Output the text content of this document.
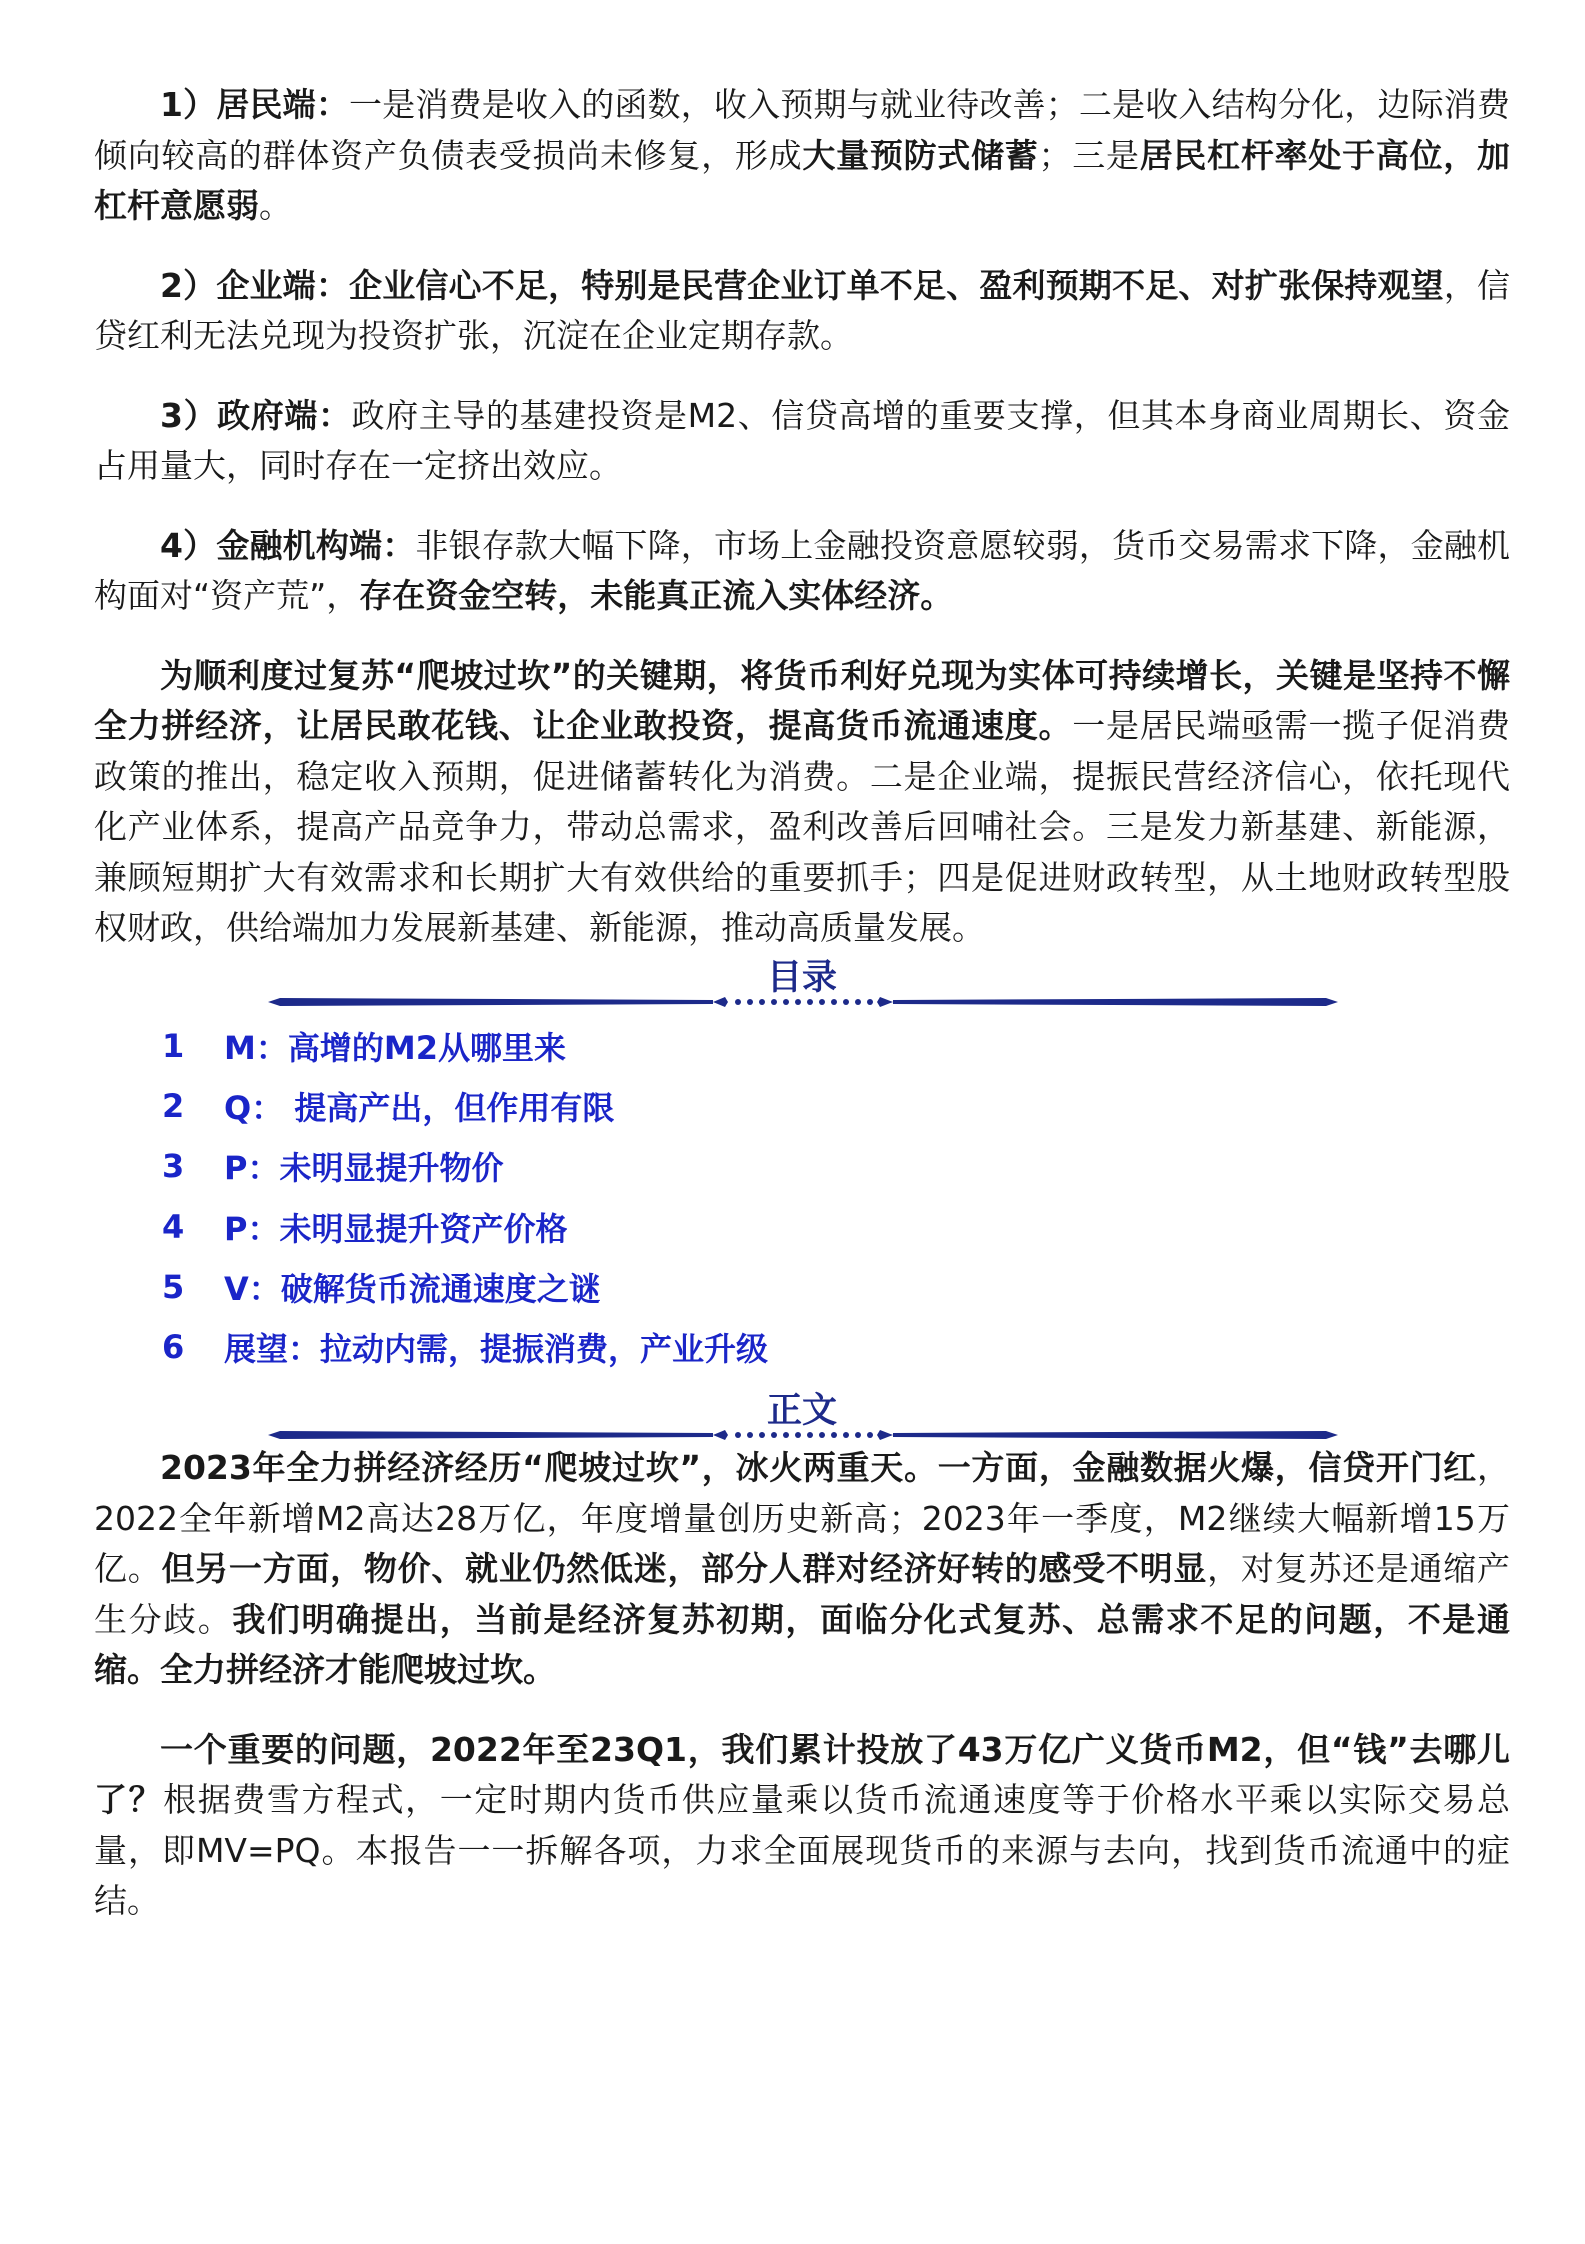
1）居民端：一是消费是收入的函数，收入预期与就业待改善；二是收入结构分化，边际消费倾向较高的群体资产负债表受损尚未修复，形成大量预防式储蓄；三是居民杠杆率处于高位，加杠杆意愿弱。

2）企业端：企业信心不足，特别是民营企业订单不足、盈利预期不足、对扩张保持观望，信贷红利无法兑现为投资扩张，沉淀在企业定期存款。

3）政府端：政府主导的基建投资是M2、信贷高增的重要支撑，但其本身商业周期长、资金占用量大，同时存在一定挤出效应。

4）金融机构端：非银存款大幅下降，市场上金融投资意愿较弱，货币交易需求下降，金融机构面对“资产荒”，存在资金空转，未能真正流入实体经济。

为顺利度过复苏“爬坡过坎”的关键期，将货币利好兑现为实体可持续增长，关键是坚持不懈全力拼经济，让居民敢花钱、让企业敢投资，提高货币流通速度。一是居民端亟需一揽子促消费政策的推出，稳定收入预期，促进储蓄转化为消费。二是企业端，提振民营经济信心，依托现代化产业体系，提高产品竞争力，带动总需求，盈利改善后回哺社会。三是发力新基建、新能源，兼顾短期扩大有效需求和长期扩大有效供给的重要抓手；四是促进财政转型，从土地财政转型股权财政，供给端加力发展新基建、新能源，推动高质量发展。

目录
1	M：高增的M2从哪里来
2	Q： 提高产出，但作用有限
3	P：未明显提升物价
4	P：未明显提升资产价格
5	V：破解货币流通速度之谜
6	展望：拉动内需，提振消费，产业升级
正文

2023年全力拼经济经历“爬坡过坎”，冰火两重天。一方面，金融数据火爆，信贷开门红，2022全年新增M2高达28万亿，年度增量创历史新高；2023年一季度，M2继续大幅新增15万亿。但另一方面，物价、就业仍然低迷，部分人群对经济好转的感受不明显，对复苏还是通缩产生分歧。我们明确提出，当前是经济复苏初期，面临分化式复苏、总需求不足的问题，不是通缩。全力拼经济才能爬坡过坎。

一个重要的问题，2022年至23Q1，我们累计投放了43万亿广义货币M2，但“钱”去哪儿了？根据费雪方程式，一定时期内货币供应量乘以货币流通速度等于价格水平乘以实际交易总量，即MV=PQ。本报告一一拆解各项，力求全面展现货币的来源与去向，找到货币流通中的症结。
